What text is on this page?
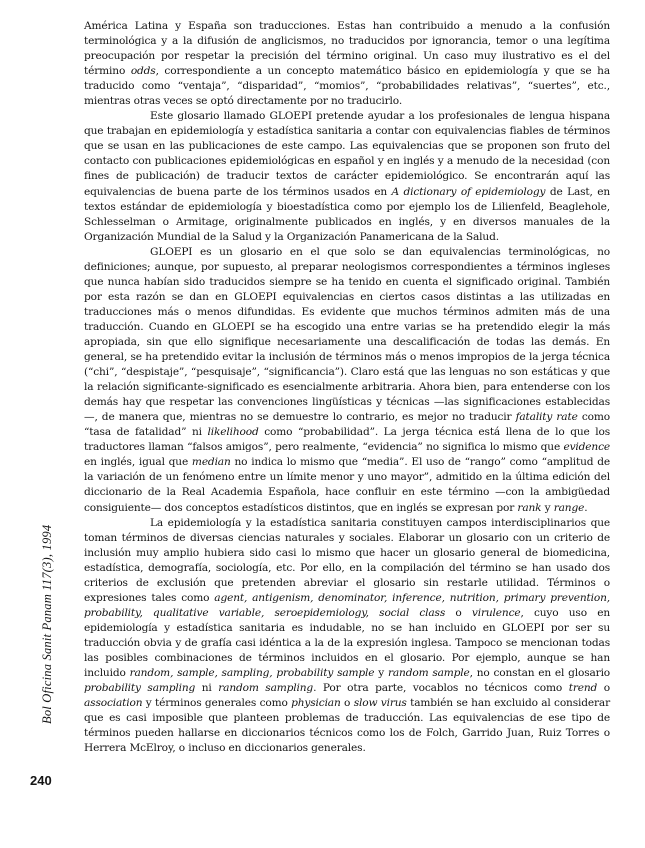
América Latina y España son traducciones. Estas han contribuido a menudo a la confusión terminológica y a la difusión de anglicismos, no traducidos por ignorancia, temor o una legítima preocupación por respetar la precisión del término original. Un caso muy ilustrativo es el del término odds, correspondiente a un concepto matemático básico en epidemiología y que se ha traducido como “ventaja”, “disparidad”, “momios”, “probabilidades relativas”, “suertes”, etc., mientras otras veces se optó directamente por no traducirlo.

Este glosario llamado GLOEPI pretende ayudar a los profesionales de lengua hispana que trabajan en epidemiología y estadística sanitaria a contar con equivalencias fiables de términos que se usan en las publicaciones de este campo. Las equivalencias que se proponen son fruto del contacto con publicaciones epidemiológicas en español y en inglés y a menudo de la necesidad (con fines de publicación) de traducir textos de carácter epidemiológico. Se encontrarán aquí las equivalencias de buena parte de los términos usados en A dictionary of epidemiology de Last, en textos estándar de epidemiología y bioestadística como por ejemplo los de Lilienfeld, Beaglehole, Schlesselman o Armitage, originalmente publicados en inglés, y en diversos manuales de la Organización Mundial de la Salud y la Organización Panamericana de la Salud.

GLOEPI es un glosario en el que solo se dan equivalencias terminológicas, no definiciones; aunque, por supuesto, al preparar neologismos correspondientes a términos ingleses que nunca habían sido traducidos siempre se ha tenido en cuenta el significado original. También por esta razón se dan en GLOEPI equivalencias en ciertos casos distintas a las utilizadas en traducciones más o menos difundidas. Es evidente que muchos términos admiten más de una traducción. Cuando en GLOEPI se ha escogido una entre varias se ha pretendido elegir la más apropiada, sin que ello signifique necesariamente una descalificación de todas las demás. En general, se ha pretendido evitar la inclusión de términos más o menos impropios de la jerga técnica (“chi”, “despistaje”, “pesquisaje”, “significancia”). Claro está que las lenguas no son estáticas y que la relación significante-significado es esencialmente arbitraria. Ahora bien, para entenderse con los demás hay que respetar las convenciones lingüísticas y técnicas —las significaciones establecidas—, de manera que, mientras no se demuestre lo contrario, es mejor no traducir fatality rate como “tasa de fatalidad” ni likelihood como “probabilidad”. La jerga técnica está llena de lo que los traductores llaman “falsos amigos”, pero realmente, “evidencia” no significa lo mismo que evidence en inglés, igual que median no indica lo mismo que “media”. El uso de “rango” como “amplitud de la variación de un fenómeno entre un límite menor y uno mayor”, admitido en la última edición del diccionario de la Real Academia Española, hace confluir en este término —con la ambigüedad consiguiente— dos conceptos estadísticos distintos, que en inglés se expresan por rank y range.

La epidemiología y la estadística sanitaria constituyen campos interdisciplinarios que toman términos de diversas ciencias naturales y sociales. Elaborar un glosario con un criterio de inclusión muy amplio hubiera sido casi lo mismo que hacer un glosario general de biomedicina, estadística, demografía, sociología, etc. Por ello, en la compilación del término se han usado dos criterios de exclusión que pretenden abreviar el glosario sin restarle utilidad. Términos o expresiones tales como agent, antigenism, denominator, inference, nutrition, primary prevention, probability, qualitative variable, seroepidemiology, social class o virulence, cuyo uso en epidemiología y estadística sanitaria es indudable, no se han incluido en GLOEPI por ser su traducción obvia y de grafía casi idéntica a la de la expresión inglesa. Tampoco se mencionan todas las posibles combinaciones de términos incluidos en el glosario. Por ejemplo, aunque se han incluido random, sample, sampling, probability sample y random sample, no constan en el glosario probability sampling ni random sampling. Por otra parte, vocablos no técnicos como trend o association y términos generales como physician o slow virus también se han excluido al considerar que es casi imposible que planteen problemas de traducción. Las equivalencias de ese tipo de términos pueden hallarse en diccionarios técnicos como los de Folch, Garrido Juan, Ruiz Torres o Herrera McElroy, o incluso en diccionarios generales.

Bol Oficina Sanit Panam 117(3), 1994
240
